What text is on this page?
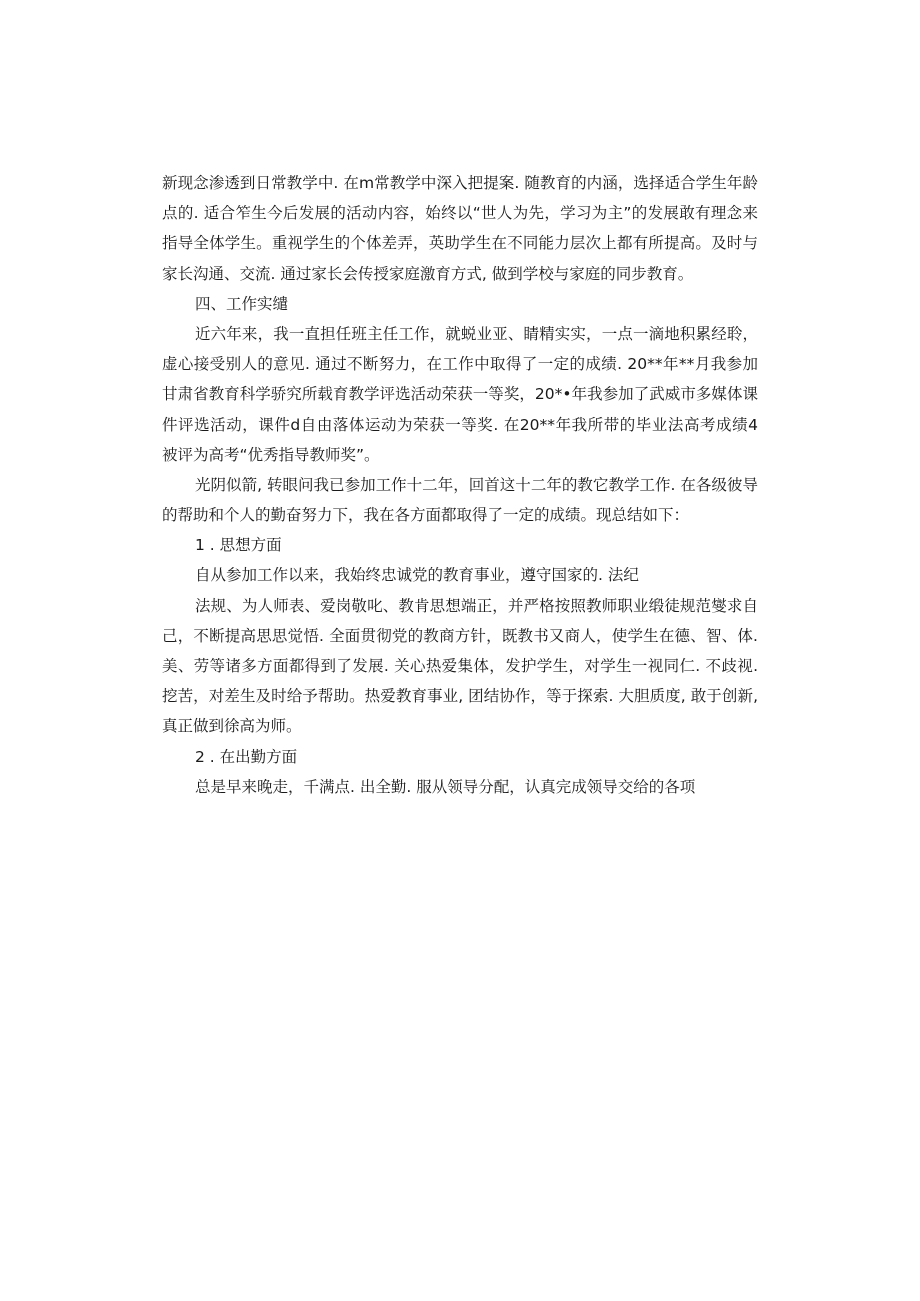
新现念渗透到日常教学中. 在m常教学中深入把提案. 随教育的内涵，选择适合学生年龄
点的. 适合笮生今后发展的活动内容，始终以“世人为先，学习为主”的发展敢有理念来
指导全体学生。重视学生的个体差弄，英助学生在不同能力层次上都有所提高。及时与
家长沟通、交流. 通过家长会传授家庭激育方式, 做到学校与家庭的同步教育。
四、工作实缱
近六年来，我一直担任班主任工作，就蜕业亚、睛精实实，一点一滴地积累经聆，
虚心接受别人的意见. 通过不断努力，在工作中取得了一定的成绩. 20**年**月我参加
甘肃省教育科学骄究所载育教学评选活动荣获一等奖，20*•年我参加了武威市多媒体课
件评选活动，课件d自由落体运动为荣获一等奖. 在20**年我所带的毕业法高考成绩4
被评为高考“优秀指导教师奖”。
光阴似箭, 转眼问我已参加工作十二年，回首这十二年的教它教学工作. 在各级彼导
的帮助和个人的勤奋努力下，我在各方面都取得了一定的成绩。现总结如下：
1 . 思想方面
自从参加工作以来，我始终忠诚党的教育事业，遵守国家的. 法纪
法规、为人师表、爱岗敬叱、教肯思想端正，并严格按照教师职业缎徒规范燮求自
己，不断提高思思觉悟. 全面贯彻党的教商方针，既教书又商人，使学生在德、智、体.
美、劳等诸多方面都得到了发展. 关心热爱集体，发护学生，对学生一视同仁. 不歧视.
挖苦，对差生及时给予帮助。热爱教育事业, 团结协作，等于探索. 大胆质度, 敢于创新,
真正做到徐高为师。
2 . 在出勤方面
总是早来晚走，千满点. 出全勤. 服从领导分配，认真完成领导交给的各项
